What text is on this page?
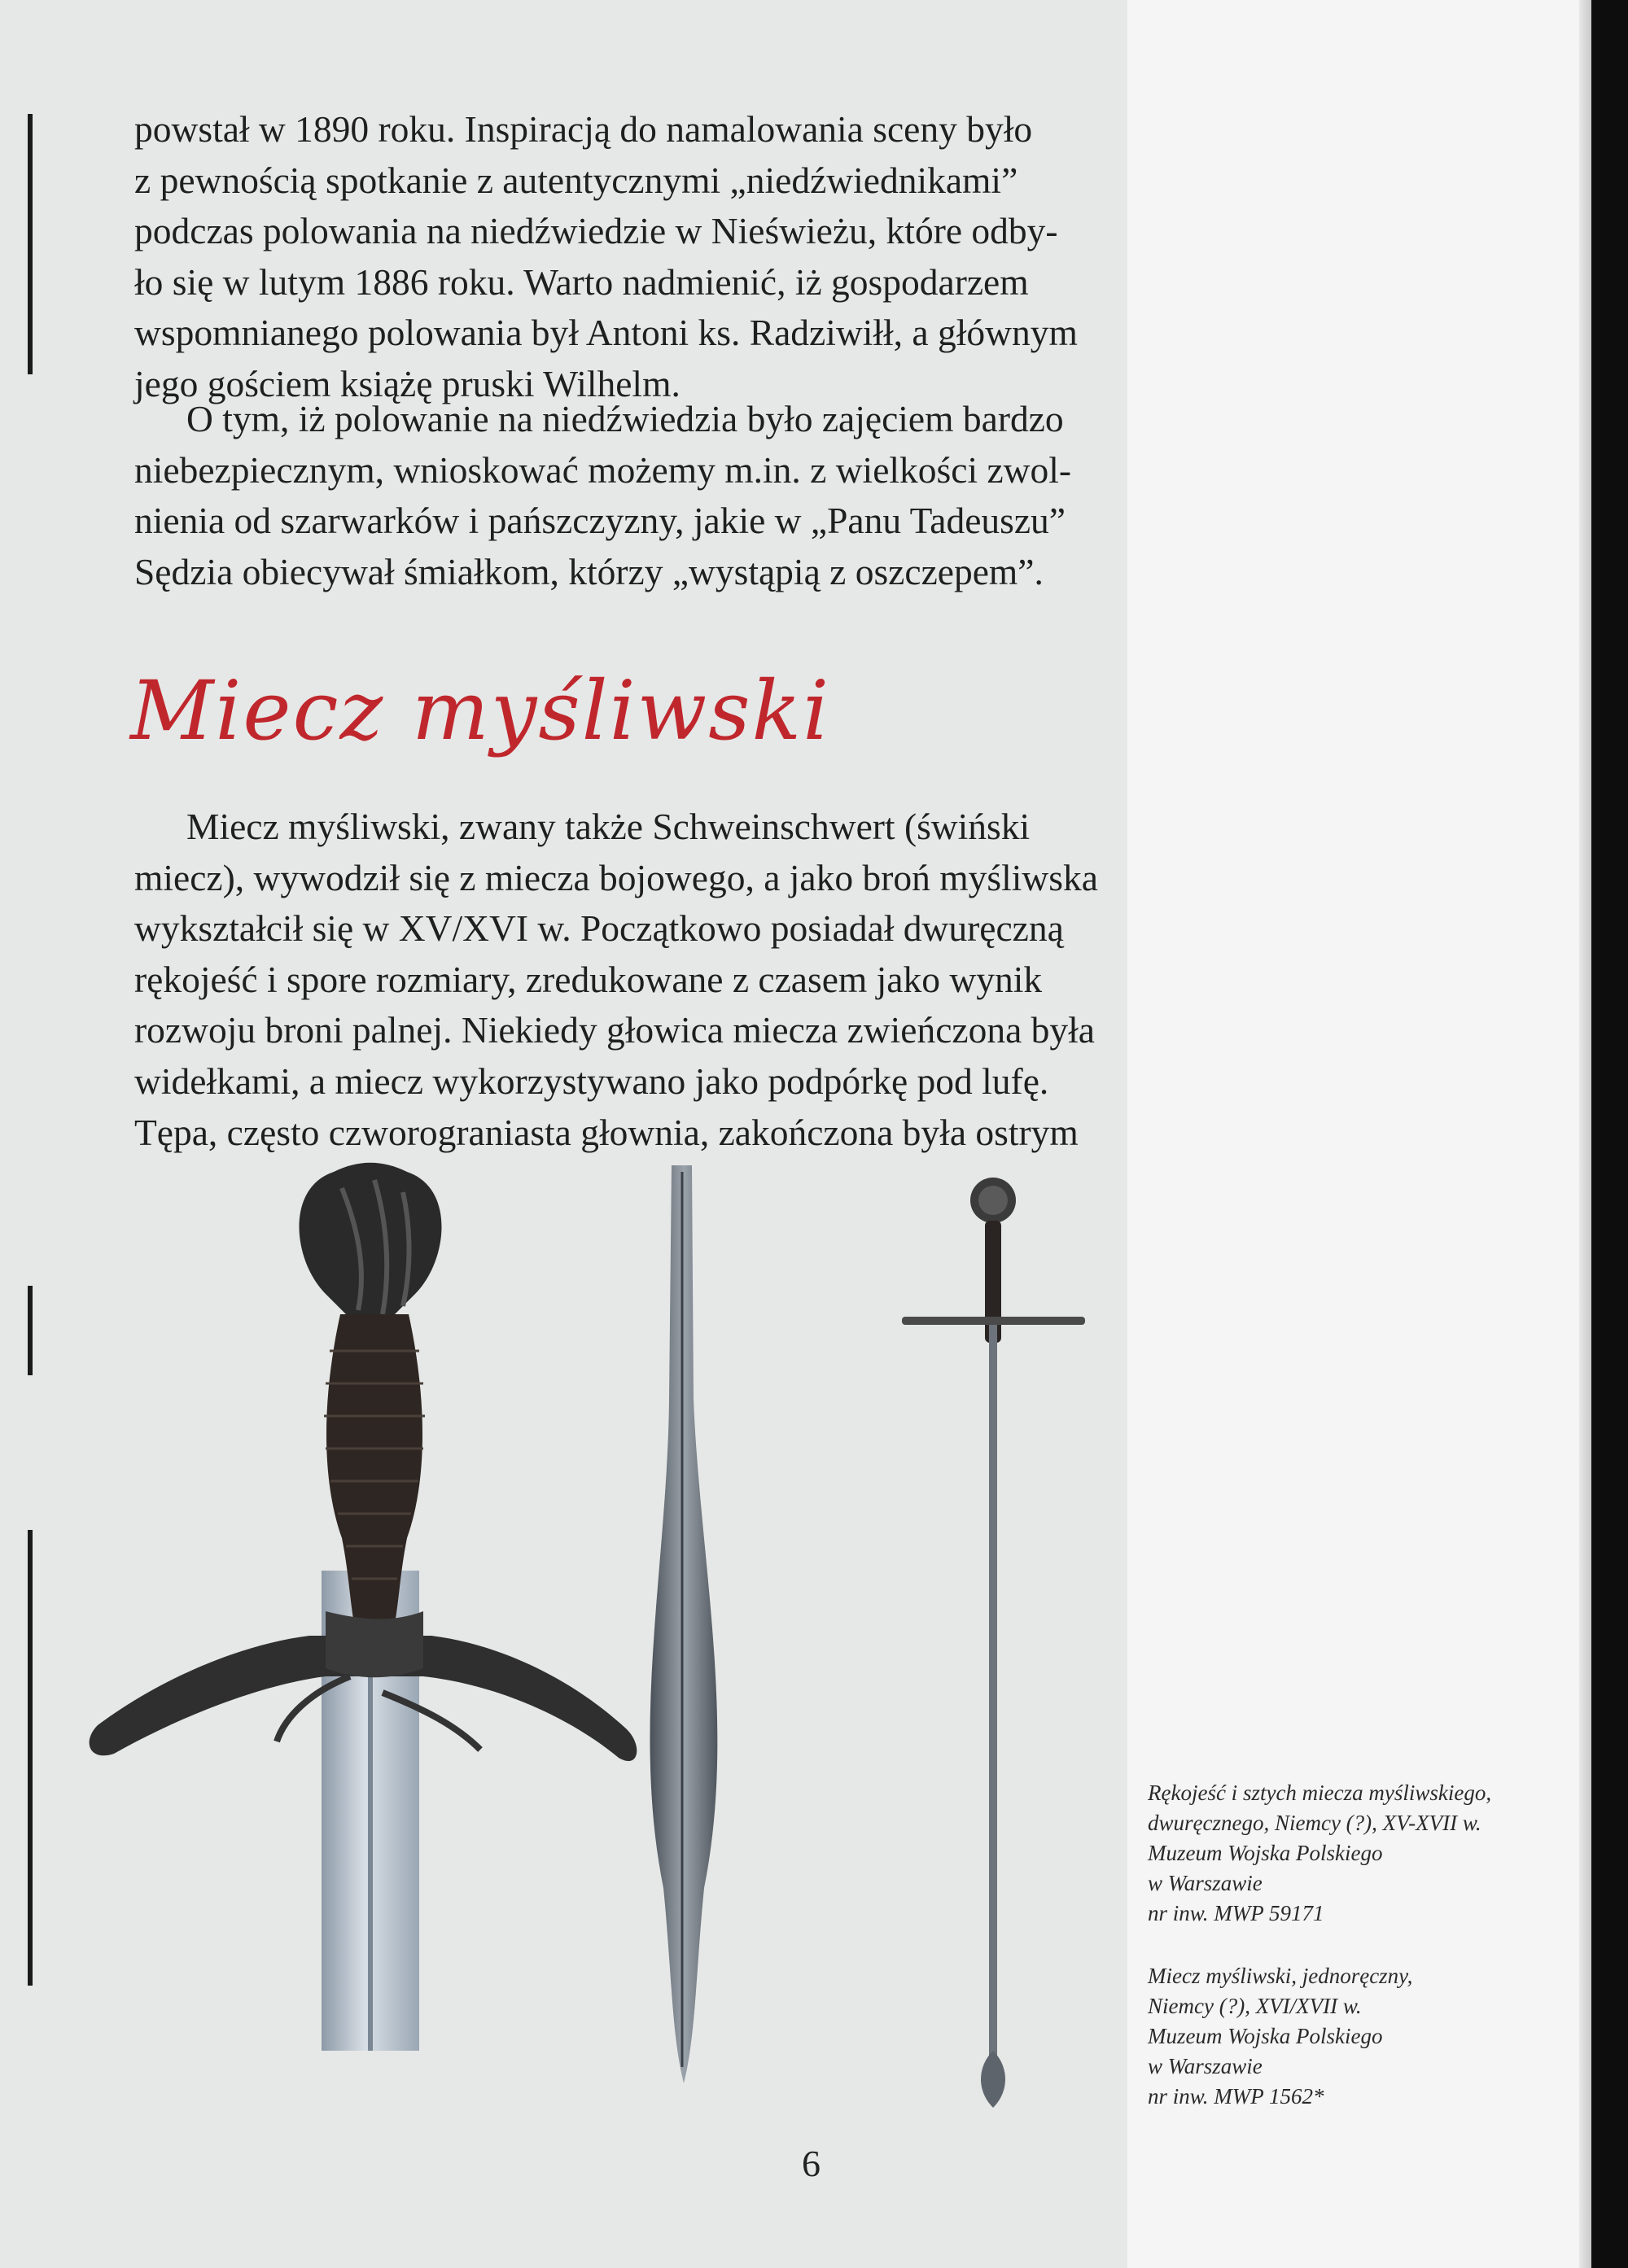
powstał w 1890 roku. Inspiracją do namalowania sceny było
z pewnością spotkanie z autentycznymi „niedźwiednikami”
podczas polowania na niedźwiedzie w Nieświeżu, które odby-
ło się w lutym 1886 roku. Warto nadmienić, iż gospodarzem
wspomnianego polowania był Antoni ks. Radziwiłł, a głównym
jego gościem książę pruski Wilhelm.
O tym, iż polowanie na niedźwiedzia było zajęciem bardzo
niebezpiecznym, wnioskować możemy m.in. z wielkości zwol-
nienia od szarwarków i pańszczyzny, jakie w „Panu Tadeuszu”
Sędzia obiecywał śmiałkom, którzy „wystąpią z oszczepem”.
Miecz myśliwski
Miecz myśliwski, zwany także Schweinschwert (świński
miecz), wywodził się z miecza bojowego, a jako broń myśliwska
wykształcił się w XV/XVI w. Początkowo posiadał dwuręczną
rękojeść i spore rozmiary, zredukowane z czasem jako wynik
rozwoju broni palnej. Niekiedy głowica miecza zwieńczona była
widełkami, a miecz wykorzystywano jako podpórkę pod lufę.
Tępa, często czworograniasta głownia, zakończona była ostrym
Rękojeść i sztych miecza myśliwskiego,
dwuręcznego, Niemcy (?), XV-XVII w.
Muzeum Wojska Polskiego
w Warszawie
nr inw. MWP 59171
Miecz myśliwski, jednoręczny,
Niemcy (?), XVI/XVII w.
Muzeum Wojska Polskiego
w Warszawie
nr inw. MWP 1562*
6
